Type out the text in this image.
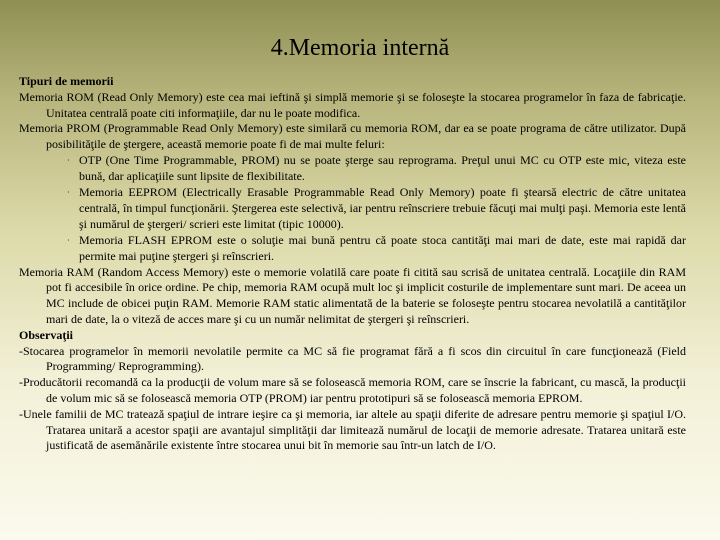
4.Memoria internă

Tipuri de memorii

Memoria ROM (Read Only Memory) este cea mai ieftină şi simplă memorie şi se foloseşte la stocarea programelor în faza de fabricaţie. Unitatea centrală poate citi informaţiile, dar nu le poate modifica.

Memoria PROM (Programmable Read Only Memory) este similară cu memoria ROM, dar ea se poate programa de către utilizator. După posibilităţile de ştergere, această memorie poate fi de mai multe feluri:

· OTP (One Time Programmable, PROM) nu se poate şterge sau reprograma. Preţul unui MC cu OTP este mic, viteza este bună, dar aplicaţiile sunt lipsite de flexibilitate.

· Memoria EEPROM (Electrically Erasable Programmable Read Only Memory) poate fi ştearsă electric de către unitatea centrală, în timpul funcţionării. Ştergerea este selectivă, iar pentru reînscriere trebuie făcuţi mai mulţi paşi. Memoria este lentă şi numărul de ştergeri/ scrieri este limitat (tipic 10000).

· Memoria FLASH EPROM este o soluţie mai bună pentru că poate stoca cantităţi mai mari de date, este mai rapidă dar permite mai puţine ştergeri şi reînscrieri.

Memoria RAM (Random Access Memory) este o memorie volatilă care poate fi citită sau scrisă de unitatea centrală. Locaţiile din RAM pot fi accesibile în orice ordine. Pe chip, memoria RAM ocupă mult loc şi implicit costurile de implementare sunt mari. De aceea un MC include de obicei puţin RAM. Memorie RAM static alimentată de la baterie se foloseşte pentru stocarea nevolatilă a cantităţilor mari de date, la o viteză de acces mare şi cu un număr nelimitat de ştergeri şi reînscrieri.

Observaţii

-Stocarea programelor în memorii nevolatile permite ca MC să fie programat fără a fi scos din circuitul în care funcţionează (Field Programming/ Reprogramming).

-Producătorii recomandă ca la producţii de volum mare să se folosească memoria ROM, care se înscrie la fabricant, cu mască, la producţii de volum mic să se folosească memoria OTP (PROM) iar pentru prototipuri să se folosească memoria EPROM.

-Unele familii de MC tratează spaţiul de intrare ieşire ca şi memoria, iar altele au spaţii diferite de adresare pentru memorie şi spaţiul I/O. Tratarea unitară a acestor spaţii are avantajul simplităţii dar limitează numărul de locaţii de memorie adresate. Tratarea unitară este justificată de asemănările existente între stocarea unui bit în memorie sau într-un latch de I/O.
